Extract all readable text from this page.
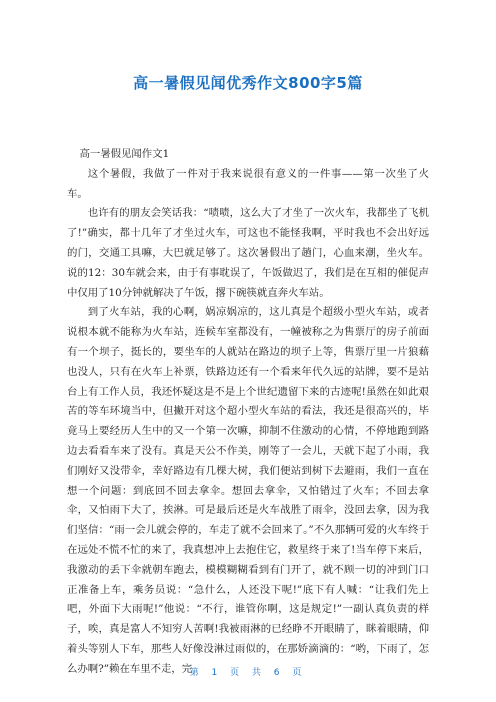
高一暑假见闻优秀作文800字5篇

高一暑假见闻作文1

这个暑假，我做了一件对于我来说很有意义的一件事——第一次坐了火车。

也许有的朋友会笑话我：“啧啧，这么大了才坐了一次火车，我都坐了飞机了!”确实，都十几年了才坐过火车，可这也不能怪我啊，平时我也不会出好远的门，交通工具嘛，大巴就足够了。这次暑假出了趟门，心血来潮，坐火车。说的12：30车就会来，由于有事耽误了，午饭做迟了，我们是在互相的催促声中仅用了10分钟就解决了午饭，撂下碗筷就直奔火车站。

到了火车站，我的心啊，娲凉娲凉的，这儿真是个超级小型火车站，或者说根本就不能称为火车站，连候车室都没有，一幢被称之为售票厅的房子前面有一个坝子，挺长的，要坐车的人就站在路边的坝子上等，售票厅里一片狼藉也没人，只有在火车上补票，铁路边还有一个看来年代久远的站牌，要不是站台上有工作人员，我还怀疑这是不是上个世纪遗留下来的古迹呢!虽然在如此艰苦的等车环境当中，但撇开对这个超小型火车站的看法，我还是很高兴的，毕竟马上要经历人生中的又一个第一次嘛，抑制不住激动的心情，不停地跑到路边去看看车来了没有。真是天公不作美，刚等了一会儿，天就下起了小雨，我们刚好又没带伞，幸好路边有几棵大树，我们便站到树下去避雨，我们一直在想一个问题：到底回不回去拿伞。想回去拿伞，又怕错过了火车；不回去拿伞，又怕雨下大了，挨淋。可是最后还是火车战胜了雨伞，没回去拿，因为我们坚信：“雨一会儿就会停的，车走了就不会回来了。”不久那辆可爱的火车终于在远处不慌不忙的来了，我真想冲上去抱住它，救星终于来了!当车停下来后，我激动的丢下伞就朝车跑去，模模糊糊看到有门开了，就不顾一切的冲到门口正准备上车，乘务员说：“急什么，人还没下呢!”底下有人喊：“让我们先上吧，外面下大雨呢!”他说：“不行，谁管你啊，这是规定!”一副认真负责的样子，唉，真是富人不知穷人苦啊!我被雨淋的已经睁不开眼睛了，眯着眼睛，仰着头等别人下车，那些人好像没淋过雨似的，在那娇滴滴的：“哟，下雨了，怎么办啊?”赖在车里不走，完

第 1 页 共 6 页
